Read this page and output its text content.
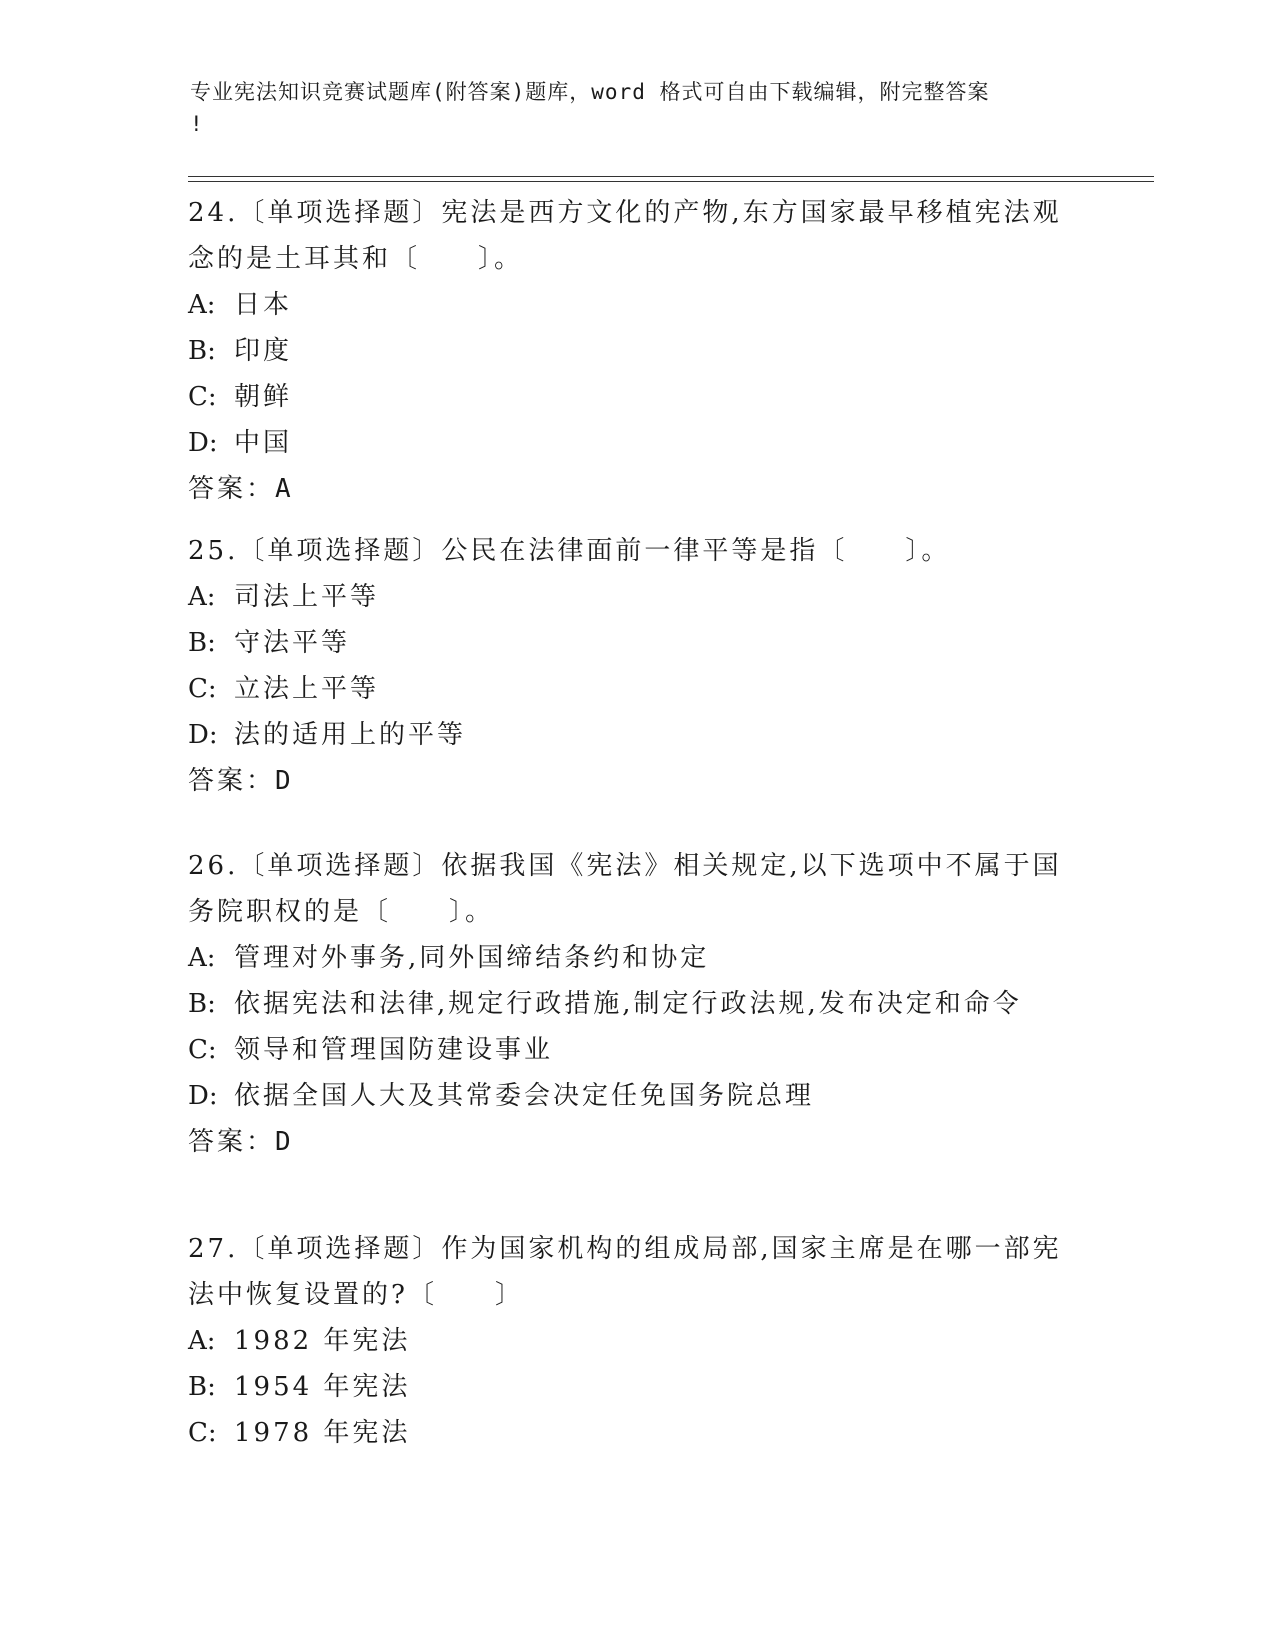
专业宪法知识竞赛试题库(附答案)题库，word 格式可自由下载编辑，附完整答案
!
24.〔单项选择题〕宪法是西方文化的产物,东方国家最早移植宪法观
念的是土耳其和〔　　〕。
A: 日本
B: 印度
C: 朝鲜
D: 中国
答案：A
25.〔单项选择题〕公民在法律面前一律平等是指〔　　〕。
A: 司法上平等
B: 守法平等
C: 立法上平等
D: 法的适用上的平等
答案：D
26.〔单项选择题〕依据我国《宪法》相关规定,以下选项中不属于国
务院职权的是〔　　〕。
A: 管理对外事务,同外国缔结条约和协定
B: 依据宪法和法律,规定行政措施,制定行政法规,发布决定和命令
C: 领导和管理国防建设事业
D: 依据全国人大及其常委会决定任免国务院总理
答案：D
27.〔单项选择题〕作为国家机构的组成局部,国家主席是在哪一部宪
法中恢复设置的?〔　　〕
A: 1982 年宪法
B: 1954 年宪法
C: 1978 年宪法
